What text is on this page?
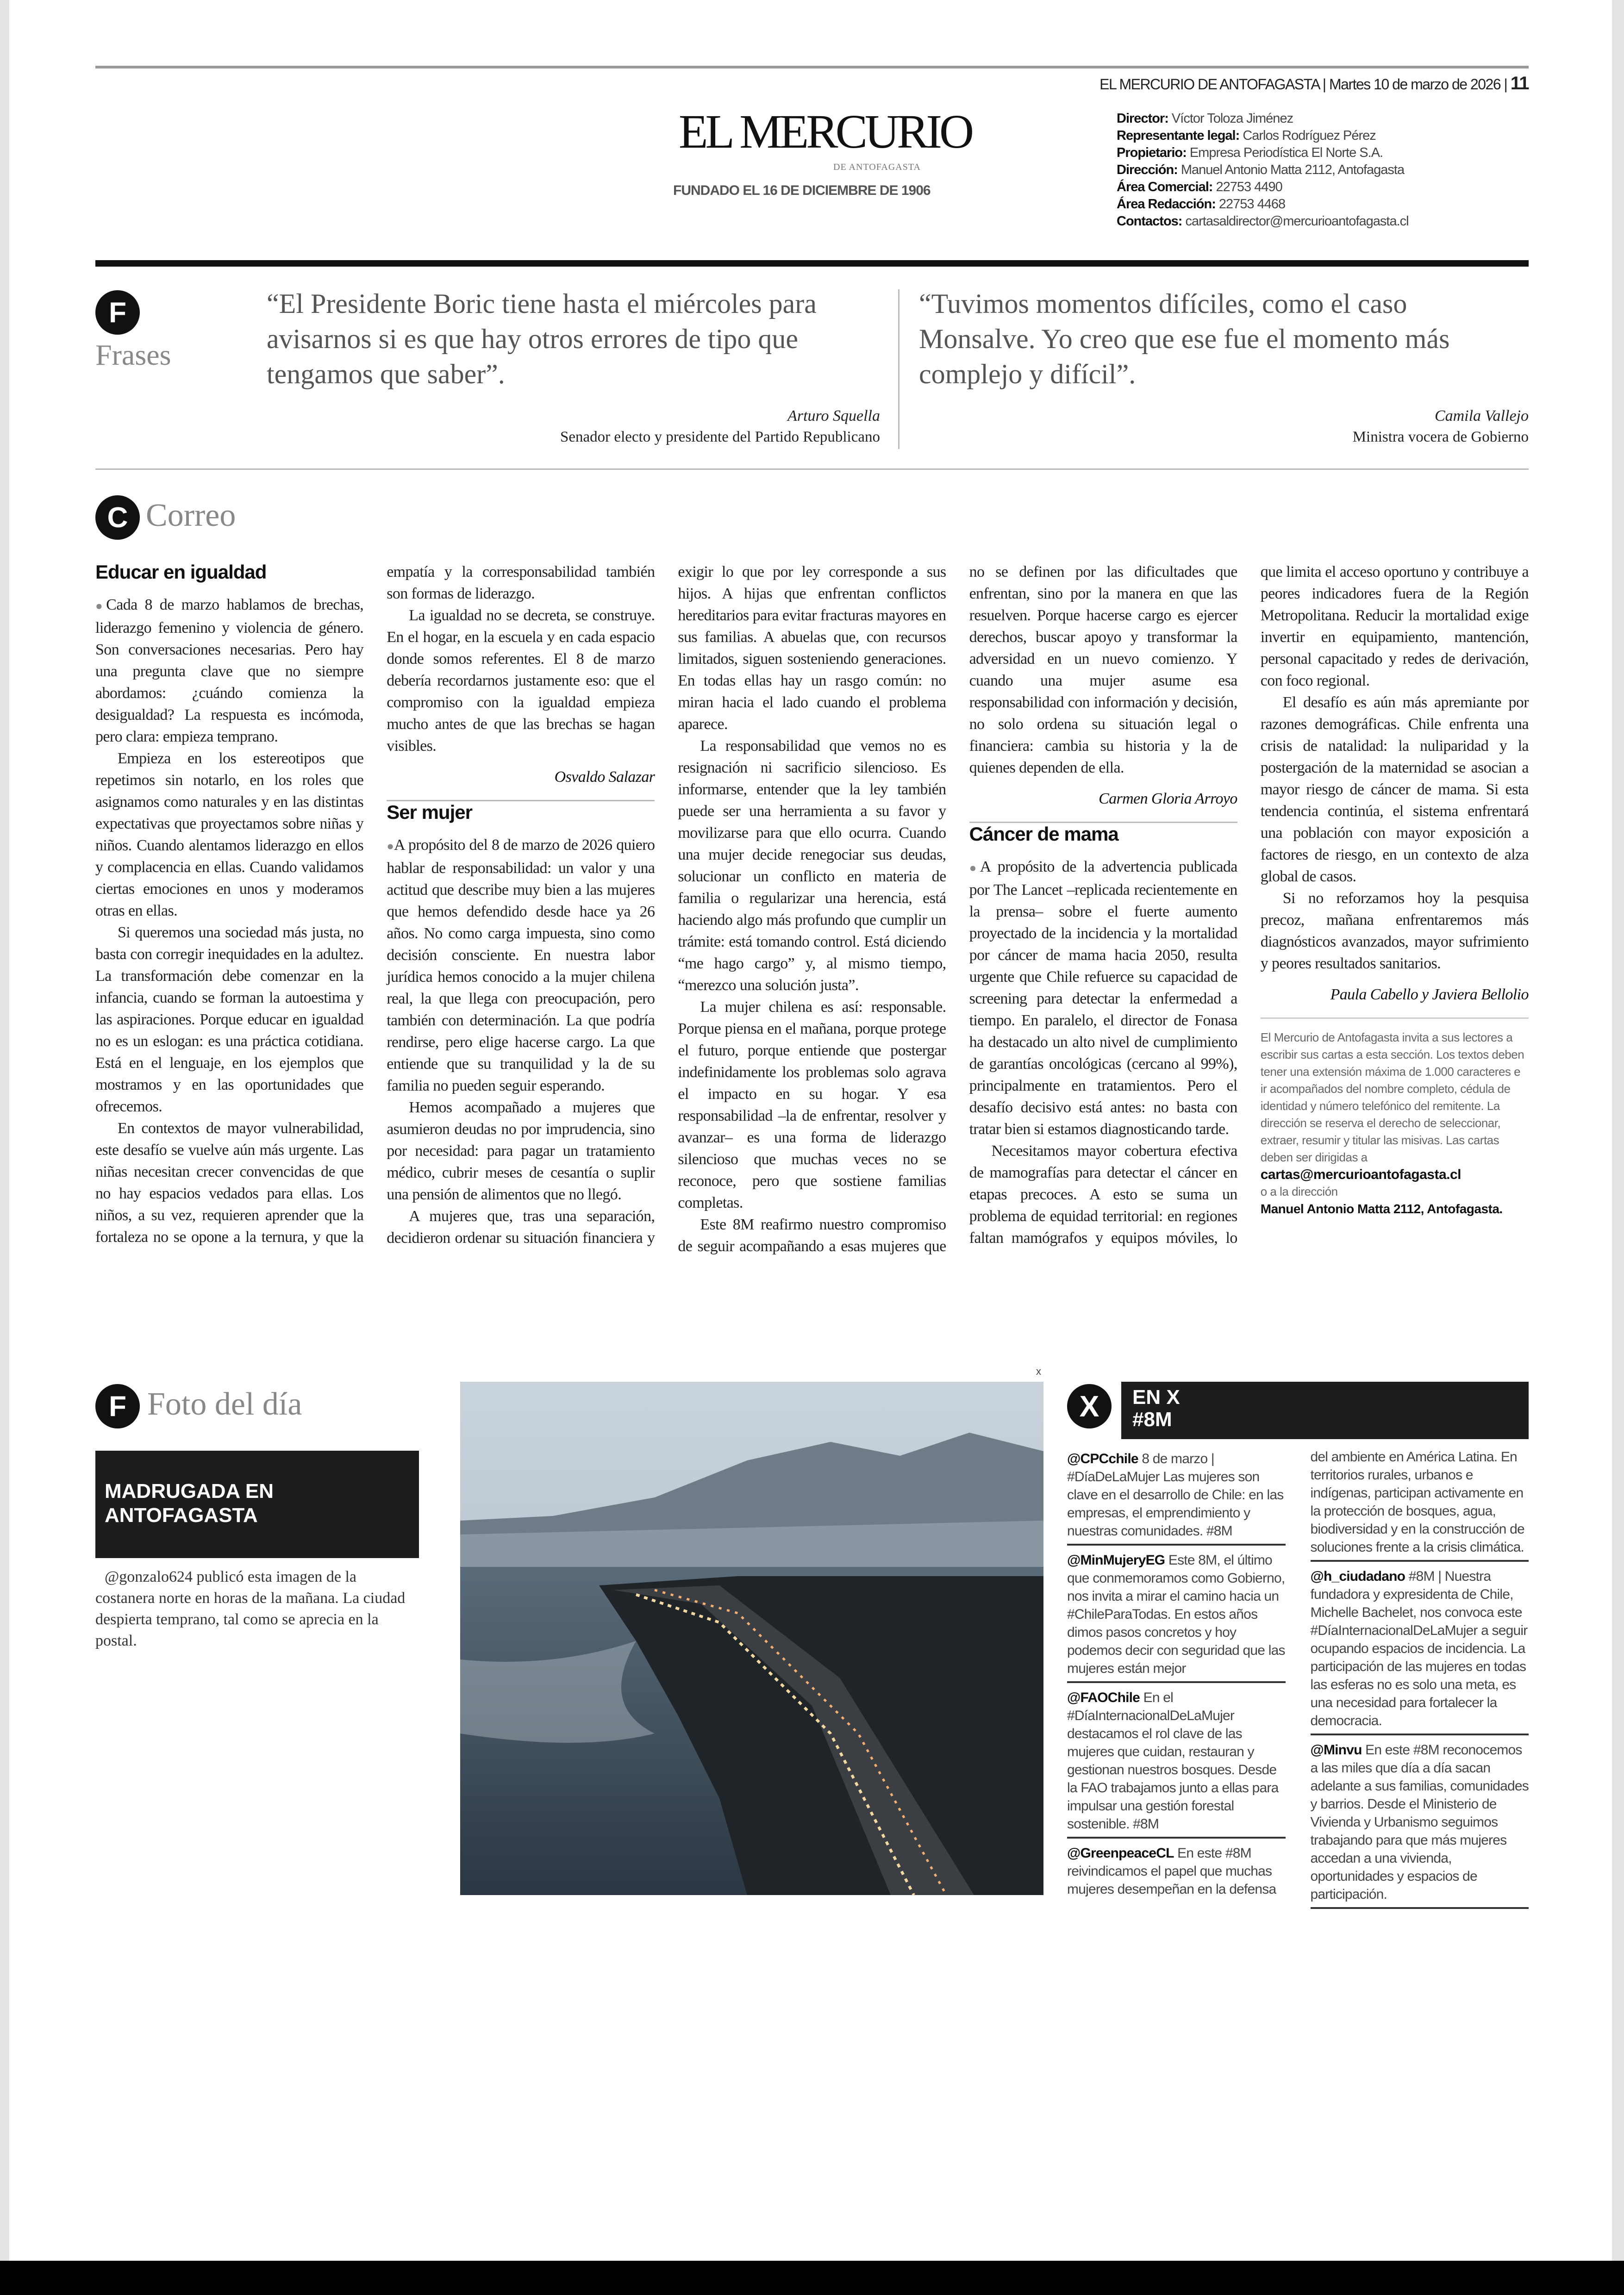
EL MERCURIO DE ANTOFAGASTA | Martes 10 de marzo de 2026 | 11
EL MERCURIO
DE ANTOFAGASTA
FUNDADO EL 16 DE DICIEMBRE DE 1906
Director: Víctor Toloza Jiménez
Representante legal: Carlos Rodríguez Pérez
Propietario: Empresa Periodística El Norte S.A.
Dirección: Manuel Antonio Matta 2112, Antofagasta
Área Comercial: 22753 4490
Área Redacción: 22753 4468
Contactos: cartasaldirector@mercurioantofagasta.cl
F
Frases
“El Presidente Boric tiene hasta el miércoles para avisarnos si es que hay otros errores de tipo que tengamos que saber”.
Arturo Squella
Senador electo y presidente del Partido Republicano
“Tuvimos momentos difíciles, como el caso Monsalve. Yo creo que ese fue el momento más complejo y difícil”.
Camila Vallejo
Ministra vocera de Gobierno
C Correo
Educar en igualdad

●Cada 8 de marzo hablamos de brechas, liderazgo femenino y violencia de género. Son conversaciones necesarias. Pero hay una pregunta clave que no siempre abordamos: ¿cuándo comienza la desigualdad? La respuesta es incómoda, pero clara: empieza temprano.

Empieza en los estereotipos que repetimos sin notarlo, en los roles que asignamos como naturales y en las distintas expectativas que proyectamos sobre niñas y niños. Cuando alentamos liderazgo en ellos y complacencia en ellas. Cuando validamos ciertas emociones en unos y moderamos otras en ellas.

Si queremos una sociedad más justa, no basta con corregir inequidades en la adultez. La transformación debe comenzar en la infancia, cuando se forman la autoestima y las aspiraciones. Porque educar en igualdad no es un eslogan: es una práctica cotidiana. Está en el lenguaje, en los ejemplos que mostramos y en las oportunidades que ofrecemos.

En contextos de mayor vulnerabilidad, este desafío se vuelve aún más urgente. Las niñas necesitan crecer convencidas de que no hay espacios vedados para ellas. Los niños, a su vez, requieren aprender que la fortaleza no se opone a la ternura, y que la empatía y la corresponsabilidad también son formas de liderazgo.

La igualdad no se decreta, se construye. En el hogar, en la escuela y en cada espacio donde somos referentes. El 8 de marzo debería recordarnos justamente eso: que el compromiso con la igualdad empieza mucho antes de que las brechas se hagan visibles.

Osvaldo Salazar

Ser mujer

●A propósito del 8 de marzo de 2026 quiero hablar de responsabilidad: un valor y una actitud que describe muy bien a las mujeres que hemos defendido desde hace ya 26 años. No como carga impuesta, sino como decisión consciente. En nuestra labor jurídica hemos conocido a la mujer chilena real, la que llega con preocupación, pero también con determinación. La que podría rendirse, pero elige hacerse cargo. La que entiende que su tranquilidad y la de su familia no pueden seguir esperando.

Hemos acompañado a mujeres que asumieron deudas no por imprudencia, sino por necesidad: para pagar un tratamiento médico, cubrir meses de cesantía o suplir una pensión de alimentos que no llegó.

A mujeres que, tras una separación, decidieron ordenar su situación financiera y exigir lo que por ley corresponde a sus hijos. A hijas que enfrentan conflictos hereditarios para evitar fracturas mayores en sus familias. A abuelas que, con recursos limitados, siguen sosteniendo generaciones. En todas ellas hay un rasgo común: no miran hacia el lado cuando el problema aparece.

La responsabilidad que vemos no es resignación ni sacrificio silencioso. Es informarse, entender que la ley también puede ser una herramienta a su favor y movilizarse para que ello ocurra. Cuando una mujer decide renegociar sus deudas, solucionar un conflicto en materia de familia o regularizar una herencia, está haciendo algo más profundo que cumplir un trámite: está tomando control. Está diciendo “me hago cargo” y, al mismo tiempo, “merezco una solución justa”.

La mujer chilena es así: responsable. Porque piensa en el mañana, porque protege el futuro, porque entiende que postergar indefinidamente los problemas solo agrava el impacto en su hogar. Y esa responsabilidad –la de enfrentar, resolver y avanzar– es una forma de liderazgo silencioso que muchas veces no se reconoce, pero que sostiene familias completas.

Este 8M reafirmo nuestro compromiso de seguir acompañando a esas mujeres que no se definen por las dificultades que enfrentan, sino por la manera en que las resuelven. Porque hacerse cargo es ejercer derechos, buscar apoyo y transformar la adversidad en un nuevo comienzo. Y cuando una mujer asume esa responsabilidad con información y decisión, no solo ordena su situación legal o financiera: cambia su historia y la de quienes dependen de ella.

Carmen Gloria Arroyo

Cáncer de mama

●A propósito de la advertencia publicada por The Lancet –replicada recientemente en la prensa– sobre el fuerte aumento proyectado de la incidencia y la mortalidad por cáncer de mama hacia 2050, resulta urgente que Chile refuerce su capacidad de screening para detectar la enfermedad a tiempo. En paralelo, el director de Fonasa ha destacado un alto nivel de cumplimiento de garantías oncológicas (cercano al 99%), principalmente en tratamientos. Pero el desafío decisivo está antes: no basta con tratar bien si estamos diagnosticando tarde.

Necesitamos mayor cobertura efectiva de mamografías para detectar el cáncer en etapas precoces. A esto se suma un problema de equidad territorial: en regiones faltan mamógrafos y equipos móviles, lo que limita el acceso oportuno y contribuye a peores indicadores fuera de la Región Metropolitana. Reducir la mortalidad exige invertir en equipamiento, mantención, personal capacitado y redes de derivación, con foco regional.

El desafío es aún más apremiante por razones demográficas. Chile enfrenta una crisis de natalidad: la nuliparidad y la postergación de la maternidad se asocian a mayor riesgo de cáncer de mama. Si esta tendencia continúa, el sistema enfrentará una población con mayor exposición a factores de riesgo, en un contexto de alza global de casos.

Si no reforzamos hoy la pesquisa precoz, mañana enfrentaremos más diagnósticos avanzados, mayor sufrimiento y peores resultados sanitarios.

Paula Cabello y Javiera Bellolio

El Mercurio de Antofagasta invita a sus lectores a escribir sus cartas a esta sección. Los textos deben tener una extensión máxima de 1.000 caracteres e ir acompañados del nombre completo, cédula de identidad y número telefónico del remitente. La dirección se reserva el derecho de seleccionar, extraer, resumir y titular las misivas. Las cartas deben ser dirigidas a
cartas@mercurioantofagasta.cl
o a la dirección
Manuel Antonio Matta 2112, Antofagasta.
F Foto del día
MADRUGADA EN
ANTOFAGASTA
@gonzalo624 publicó esta imagen de la costanera norte en horas de la mañana. La ciudad despierta temprano, tal como se aprecia en la postal.
x
X	EN X
#8M
@CPCchile 8 de marzo | #DíaDeLaMujer Las mujeres son clave en el desarrollo de Chile: en las empresas, el emprendimiento y nuestras comunidades. #8M
@MinMujeryEG Este 8M, el último que conmemoramos como Gobierno, nos invita a mirar el camino hacia un #ChileParaTodas. En estos años dimos pasos concretos y hoy podemos decir con seguridad que las mujeres están mejor
@FAOChile En el #DíaInternacionalDeLaMujer destacamos el rol clave de las mujeres que cuidan, restauran y gestionan nuestros bosques. Desde la FAO trabajamos junto a ellas para impulsar una gestión forestal sostenible. #8M
@GreenpeaceCL En este #8M reivindicamos el papel que muchas mujeres desempeñan en la defensa del ambiente en América Latina. En territorios rurales, urbanos e indígenas, participan activamente en la protección de bosques, agua, biodiversidad y en la construcción de soluciones frente a la crisis climática.
@h_ciudadano #8M | Nuestra fundadora y expresidenta de Chile, Michelle Bachelet, nos convoca este #DíaInternacionalDeLaMujer a seguir ocupando espacios de incidencia. La participación de las mujeres en todas las esferas no es solo una meta, es una necesidad para fortalecer la democracia.
@Minvu En este #8M reconocemos a las miles que día a día sacan adelante a sus familias, comunidades y barrios. Desde el Ministerio de Vivienda y Urbanismo seguimos trabajando para que más mujeres accedan a una vivienda, oportunidades y espacios de participación.
